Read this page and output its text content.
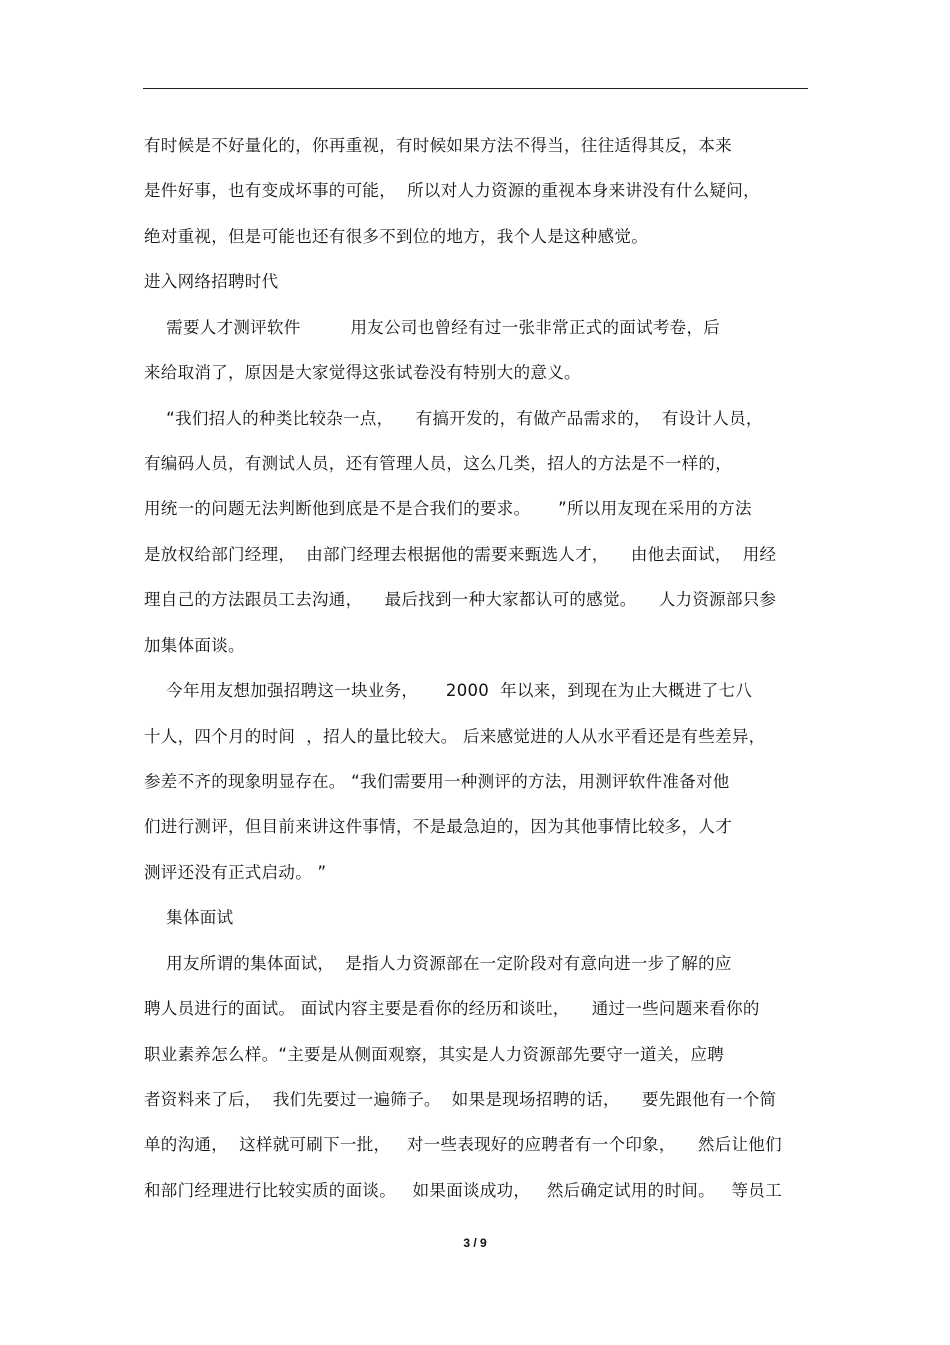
有时候是不好量化的，你再重视，有时候如果方法不得当，往往适得其反，本来
是件好事，也有变成坏事的可能，  所以对人力资源的重视本身来讲没有什么疑问，
绝对重视，但是可能也还有很多不到位的地方，我个人是这种感觉。
进入网络招聘时代
需要人才测评软件         用友公司也曾经有过一张非常正式的面试考卷，后
来给取消了，原因是大家觉得这张试卷没有特别大的意义。
“我们招人的种类比较杂一点，    有搞开发的，有做产品需求的，  有设计人员，
有编码人员，有测试人员，还有管理人员，这么几类，招人的方法是不一样的，
用统一的问题无法判断他到底是不是合我们的要求。     ”所以用友现在采用的方法
是放权给部门经理，  由部门经理去根据他的需要来甄选人才，    由他去面试，  用经
理自己的方法跟员工去沟通，    最后找到一种大家都认可的感觉。    人力资源部只参
加集体面谈。
今年用友想加强招聘这一块业务，     2000  年以来，到现在为止大概进了七八
十人，四个月的时间  ，招人的量比较大。 后来感觉进的人从水平看还是有些差异，
参差不齐的现象明显存在。 “我们需要用一种测评的方法，用测评软件准备对他
们进行测评，但目前来讲这件事情，不是最急迫的，因为其他事情比较多，人才
测评还没有正式启动。 ”
集体面试
用友所谓的集体面试，  是指人力资源部在一定阶段对有意向进一步了解的应
聘人员进行的面试。 面试内容主要是看你的经历和谈吐，    通过一些问题来看你的
职业素养怎么样。“主要是从侧面观察，其实是人力资源部先要守一道关，应聘
者资料来了后，  我们先要过一遍筛子。  如果是现场招聘的话，    要先跟他有一个简
单的沟通，  这样就可刷下一批，   对一些表现好的应聘者有一个印象，    然后让他们
和部门经理进行比较实质的面谈。   如果面谈成功，   然后确定试用的时间。   等员工
3 / 9
